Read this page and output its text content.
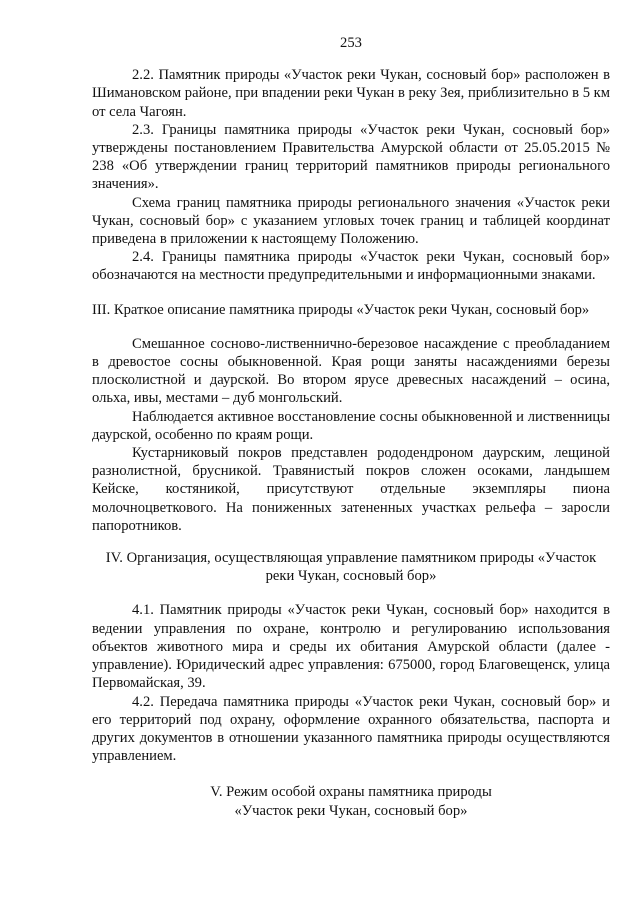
253

2.2. Памятник природы «Участок реки Чукан, сосновый бор» расположен в Шимановском районе, при впадении реки Чукан в реку Зея, приблизительно в 5 км от села Чагоян.

2.3. Границы памятника природы «Участок реки Чукан, сосновый бор» утверждены постановлением Правительства Амурской области от 25.05.2015 № 238 «Об утверждении границ территорий памятников природы регионального значения».

Схема границ памятника природы регионального значения «Участок реки Чукан, сосновый бор» с указанием угловых точек границ и таблицей координат приведена в приложении к настоящему Положению.

2.4. Границы памятника природы «Участок реки Чукан, сосновый бор» обозначаются на местности предупредительными и информационными знаками.

III. Краткое описание памятника природы «Участок реки Чукан, сосновый бор»

Смешанное сосново-лиственнично-березовое насаждение с преобладанием в древостое сосны обыкновенной. Края рощи заняты насаждениями березы плосколистной и даурской. Во втором ярусе древесных насаждений – осина, ольха, ивы, местами – дуб монгольский.

Наблюдается активное восстановление сосны обыкновенной и лиственницы даурской, особенно по краям рощи.

Кустарниковый покров представлен рододендроном даурским, лещиной разнолистной, брусникой. Травянистый покров сложен осоками, ландышем Кейске, костяникой, присутствуют отдельные экземпляры пиона молочноцветкового. На пониженных затененных участках рельефа – заросли папоротников.

IV. Организация, осуществляющая управление памятником природы «Участок реки Чукан, сосновый бор»

4.1. Памятник природы «Участок реки Чукан, сосновый бор» находится в ведении управления по охране, контролю и регулированию использования объектов животного мира и среды их обитания Амурской области (далее - управление). Юридический адрес управления: 675000, город Благовещенск, улица Первомайская, 39.

4.2. Передача памятника природы «Участок реки Чукан, сосновый бор» и его территорий под охрану, оформление охранного обязательства, паспорта и других документов в отношении указанного памятника природы осуществляются управлением.

V. Режим особой охраны памятника природы

«Участок реки Чукан, сосновый бор»
